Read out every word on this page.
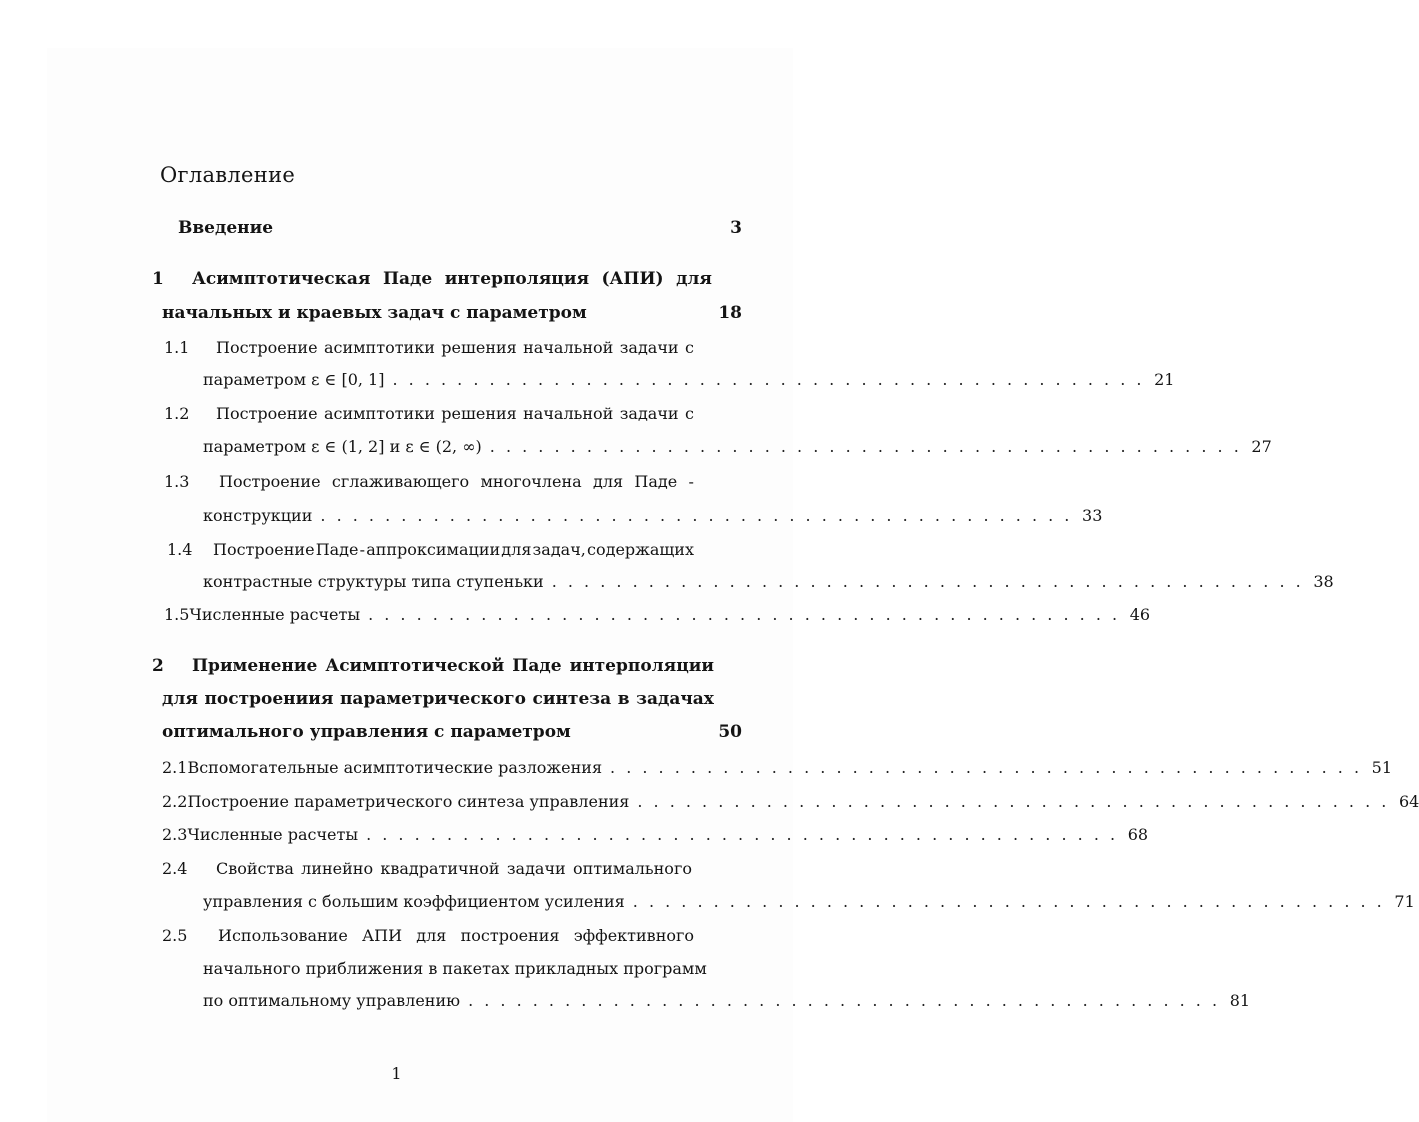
Оглавление
Введение	3
1	Асимптотическая Паде интерполяция (АПИ) для
начальных и краевых задач с параметром	18
1.1	Построение асимптотики решения начальной задачи с
параметром ε ∈ [0, 1] . . . . . . . . . . . . . . . . . . . . . . . . . . . . . . . . . . . . . . . . . . . . . . . 21
1.2	Построение асимптотики решения начальной задачи с
параметром ε ∈ (1, 2] и ε ∈ (2, ∞) . . . . . . . . . . . . . . . . . . . . . . . . . . . . . . . . . . . . . . . . . . . . . . . 27
1.3	Построение сглаживающего многочлена для Паде -
конструкции . . . . . . . . . . . . . . . . . . . . . . . . . . . . . . . . . . . . . . . . . . . . . . . 33
1.4	Построение Паде - аппроксимации для задач, содержащих
контрастные структуры типа ступеньки . . . . . . . . . . . . . . . . . . . . . . . . . . . . . . . . . . . . . . . . . . . . . . . 38
1.5 Численные расчеты . . . . . . . . . . . . . . . . . . . . . . . . . . . . . . . . . . . . . . . . . . . . . . . 46
2	Применение Асимптотической Паде интерполяции
для построениия параметрического синтеза в задачах
оптимального управления с параметром	50
2.1 Вспомогательные асимптотические разложения . . . . . . . . . . . . . . . . . . . . . . . . . . . . . . . . . . . . . . . . . . . . . . . 51
2.2 Построение параметрического синтеза управления . . . . . . . . . . . . . . . . . . . . . . . . . . . . . . . . . . . . . . . . . . . . . . . 64
2.3 Численные расчеты . . . . . . . . . . . . . . . . . . . . . . . . . . . . . . . . . . . . . . . . . . . . . . . 68
2.4	Свойства линейно квадратичной задачи оптимального
управления с большим коэффициентом усиления . . . . . . . . . . . . . . . . . . . . . . . . . . . . . . . . . . . . . . . . . . . . . . . 71
2.5	Использование АПИ для построения эффективного
начального приближения в пакетах прикладных программ
по оптимальному управлению . . . . . . . . . . . . . . . . . . . . . . . . . . . . . . . . . . . . . . . . . . . . . . . 81
1
